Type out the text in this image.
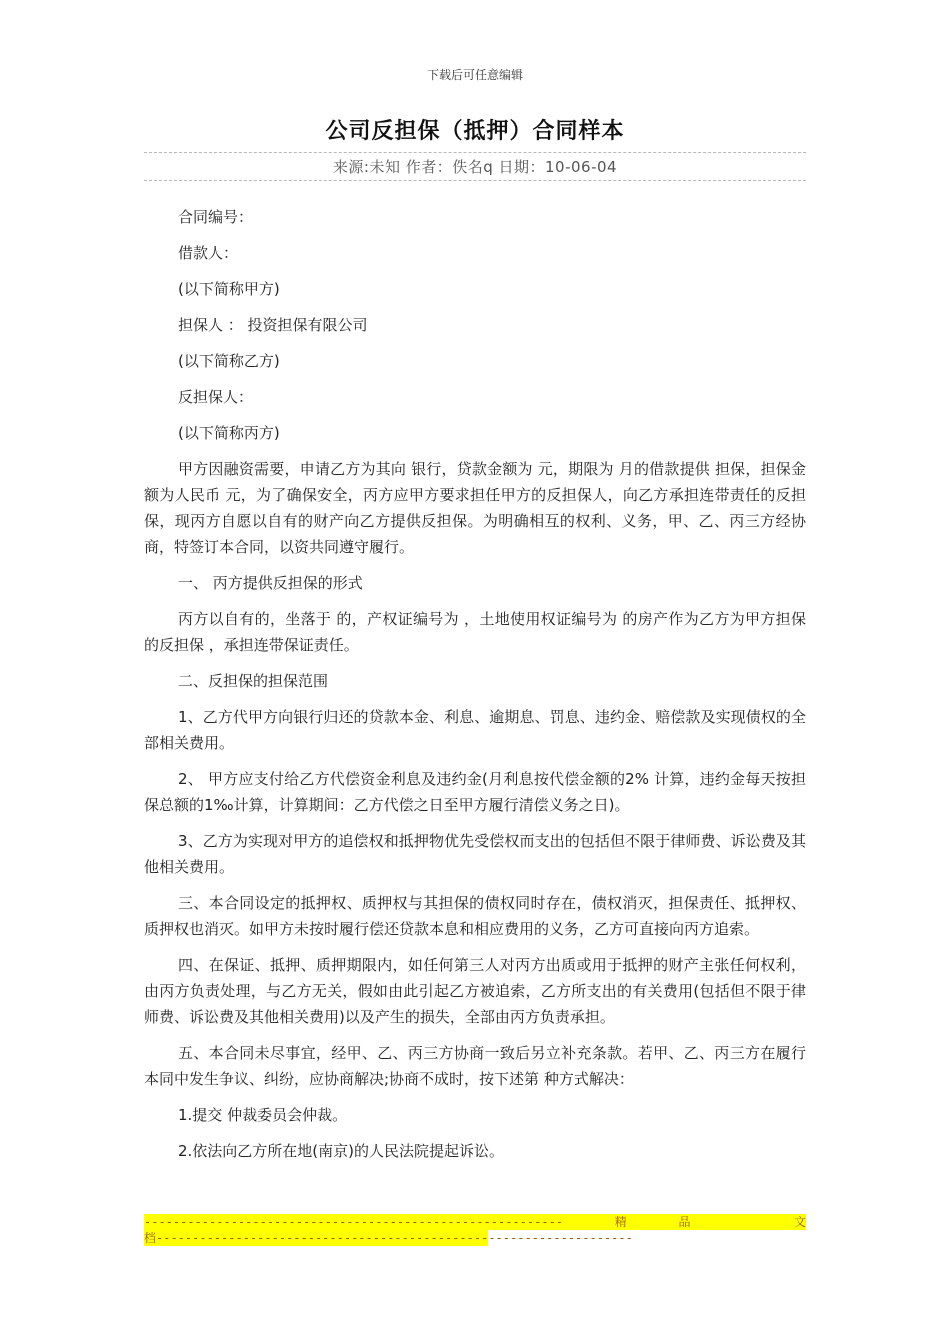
下载后可任意编辑
公司反担保（抵押）合同样本
来源:未知 作者：佚名q 日期：10-06-04

合同编号：

借款人：

(以下简称甲方)

担保人 ： 投资担保有限公司

(以下简称乙方)

反担保人：

(以下简称丙方)

甲方因融资需要，申请乙方为其向 银行，贷款金额为 元，期限为 月的借款提供 担保，担保金额为人民币 元，为了确保安全，丙方应甲方要求担任甲方的反担保人，向乙方承担连带责任的反担保，现丙方自愿以自有的财产向乙方提供反担保。为明确相互的权利、义务，甲、乙、丙三方经协商，特签订本合同，以资共同遵守履行。

一、 丙方提供反担保的形式

丙方以自有的，坐落于 的，产权证编号为 ，土地使用权证编号为 的房产作为乙方为甲方担保的反担保 ，承担连带保证责任。

二、反担保的担保范围

1、乙方代甲方向银行归还的贷款本金、利息、逾期息、罚息、违约金、赔偿款及实现债权的全部相关费用。

2、 甲方应支付给乙方代偿资金利息及违约金(月利息按代偿金额的2% 计算，违约金每天按担保总额的1‰计算，计算期间：乙方代偿之日至甲方履行清偿义务之日)。

3、乙方为实现对甲方的追偿权和抵押物优先受偿权而支出的包括但不限于律师费、诉讼费及其他相关费用。

三、本合同设定的抵押权、质押权与其担保的债权同时存在，债权消灭，担保责任、抵押权、质押权也消灭。如甲方未按时履行偿还贷款本息和相应费用的义务，乙方可直接向丙方追索。

四、在保证、抵押、质押期限内，如任何第三人对丙方出质或用于抵押的财产主张任何权利，由丙方负责处理，与乙方无关，假如由此引起乙方被追索，乙方所支出的有关费用(包括但不限于律师费、诉讼费及其他相关费用)以及产生的损失，全部由丙方负责承担。

五、本合同未尽事宜，经甲、乙、丙三方协商一致后另立补充条款。若甲、乙、丙三方在履行本同中发生争议、纠纷，应协商解决;协商不成时，按下述第 种方式解决：

1.提交 仲裁委员会仲裁。

2.依法向乙方所在地(南京)的人民法院提起诉讼。

----------------------------------------------------------	精	品	文
档------------------------------------------------------------------
